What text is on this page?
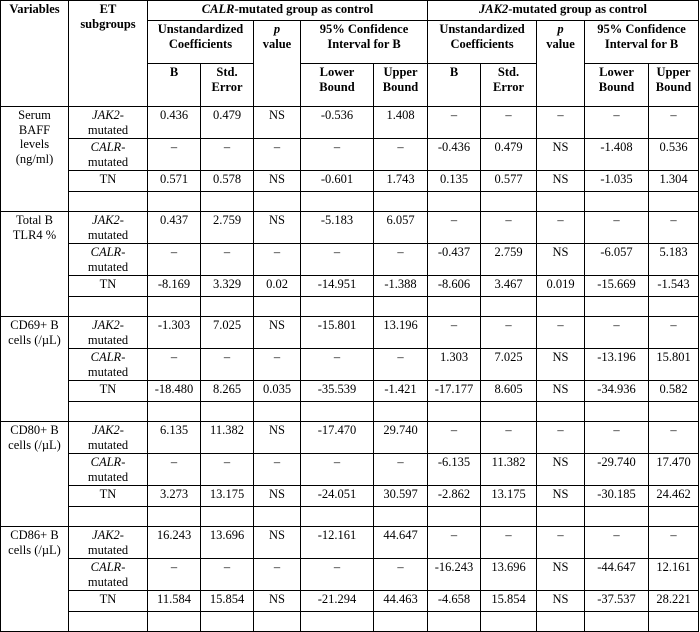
Variables	ET subgroups	CALR-mutated group as control					JAK2-mutated group as control				
		Unstandardized Coefficients		p
value	95% Confidence Interval for B		Unstandardized Coefficients		p
value	95% Confidence Interval for B	
		B	Std. Error		Lower Bound	Upper Bound	B	Std. Error		Lower Bound	Upper Bound
Serum BAFF levels (ng/ml)	JAK2-
mutated	0.436	0.479	NS	-0.536	1.408	–	–	–	–	–
	CALR-
mutated	–	–	–	–	–	-0.436	0.479	NS	-1.408	0.536
	TN	0.571	0.578	NS	-0.601	1.743	0.135	0.577	NS	-1.035	1.304

Total B TLR4 %	JAK2-
mutated	0.437	2.759	NS	-5.183	6.057	–	–	–	–	–
	CALR-
mutated	–	–	–	–	–	-0.437	2.759	NS	-6.057	5.183
	TN	-8.169	3.329	0.02	-14.951	-1.388	-8.606	3.467	0.019	-15.669	-1.543

CD69+ B cells (/µL)	JAK2-
mutated	-1.303	7.025	NS	-15.801	13.196	–	–	–	–	–
	CALR-
mutated	–	–	–	–	–	1.303	7.025	NS	-13.196	15.801
	TN	-18.480	8.265	0.035	-35.539	-1.421	-17.177	8.605	NS	-34.936	0.582

CD80+ B cells (/µL)	JAK2-
mutated	6.135	11.382	NS	-17.470	29.740	–	–	–	–	–
	CALR-
mutated	–	–	–	–	–	-6.135	11.382	NS	-29.740	17.470
	TN	3.273	13.175	NS	-24.051	30.597	-2.862	13.175	NS	-30.185	24.462

CD86+ B cells (/µL)	JAK2-
mutated	16.243	13.696	NS	-12.161	44.647	–	–	–	–	–
	CALR-
mutated	–	–	–	–	–	-16.243	13.696	NS	-44.647	12.161
	TN	11.584	15.854	NS	-21.294	44.463	-4.658	15.854	NS	-37.537	28.221
